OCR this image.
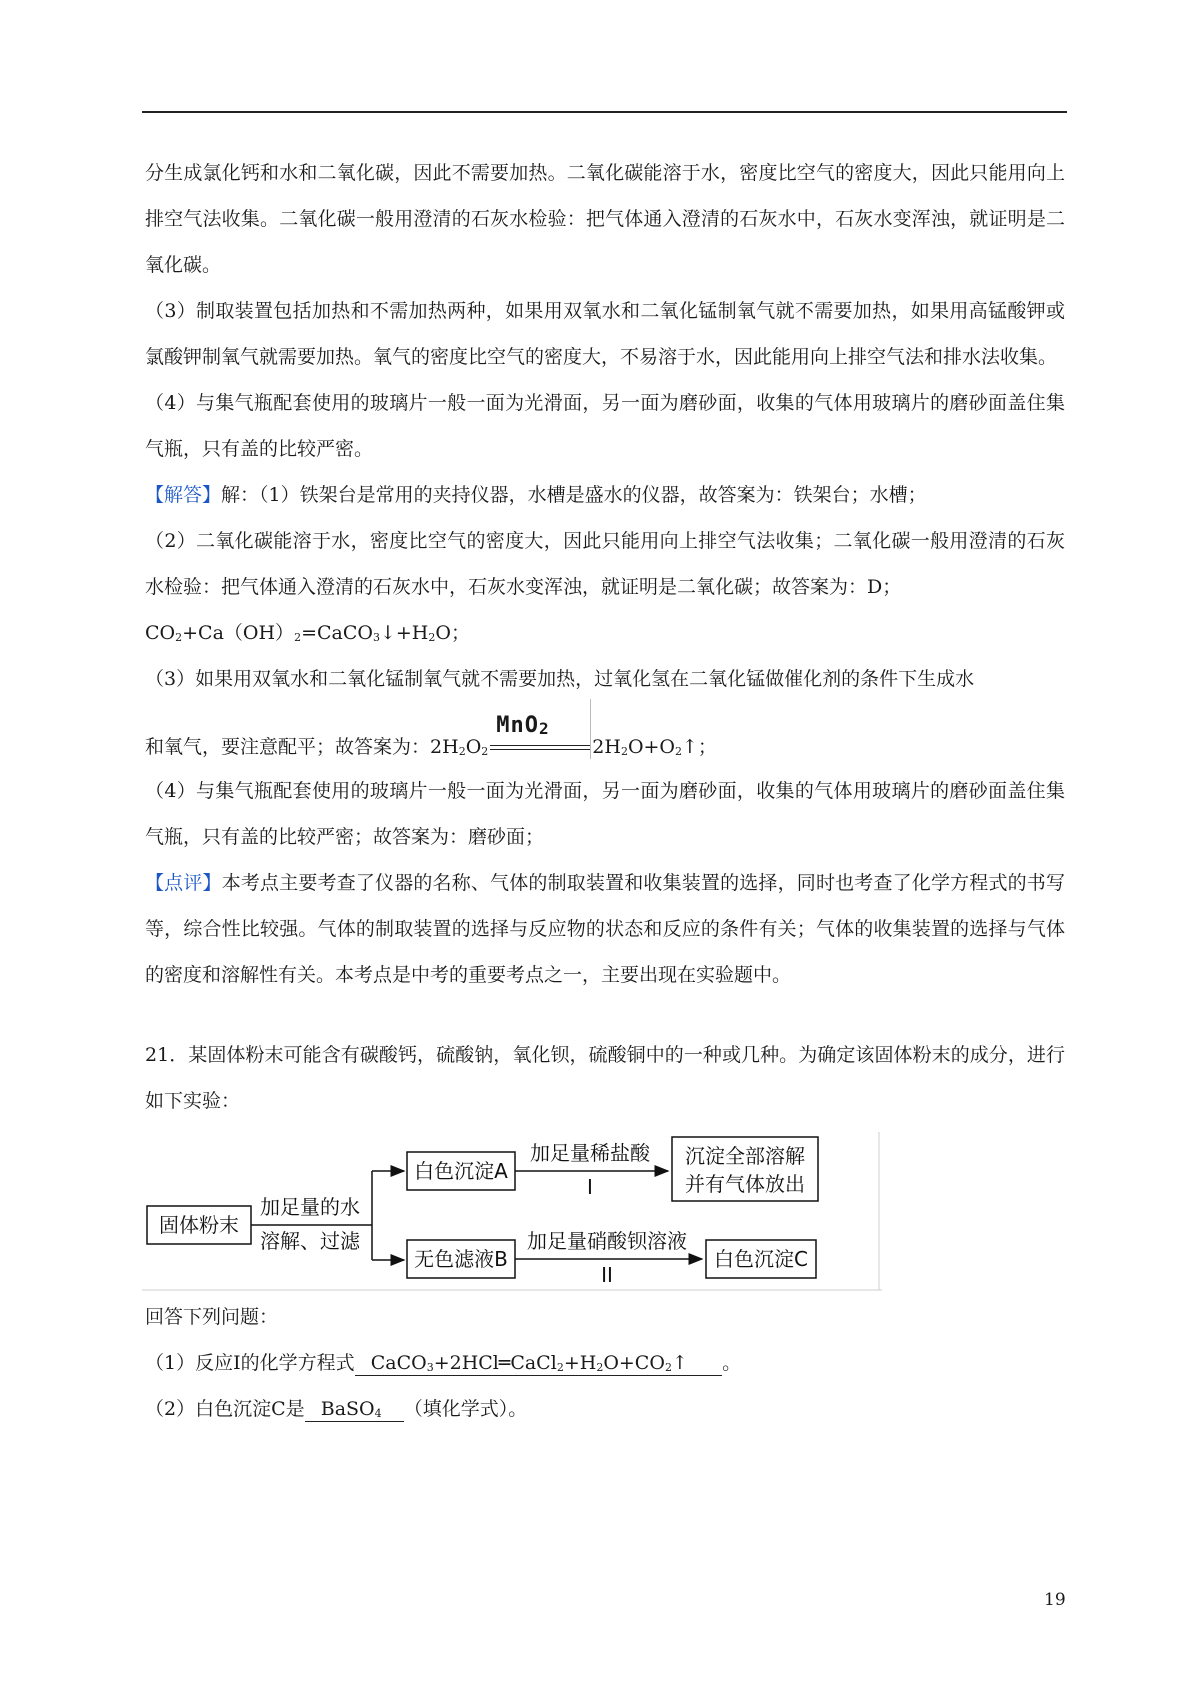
分生成氯化钙和水和二氧化碳，因此不需要加热。二氧化碳能溶于水，密度比空气的密度大，因此只能用向上排空气法收集。二氧化碳一般用澄清的石灰水检验：把气体通入澄清的石灰水中，石灰水变浑浊，就证明是二氧化碳。

（3）制取装置包括加热和不需加热两种，如果用双氧水和二氧化锰制氧气就不需要加热，如果用高锰酸钾或氯酸钾制氧气就需要加热。氧气的密度比空气的密度大，不易溶于水，因此能用向上排空气法和排水法收集。

（4）与集气瓶配套使用的玻璃片一般一面为光滑面，另一面为磨砂面，收集的气体用玻璃片的磨砂面盖住集气瓶，只有盖的比较严密。

【解答】解：（1）铁架台是常用的夹持仪器，水槽是盛水的仪器，故答案为：铁架台；水槽；

（2）二氧化碳能溶于水，密度比空气的密度大，因此只能用向上排空气法收集；二氧化碳一般用澄清的石灰水检验：把气体通入澄清的石灰水中，石灰水变浑浊，就证明是二氧化碳；故答案为：D；

$CO_2+Ca(OH)_2=CaCO_3↓+H_2O$；

（3）如果用双氧水和二氧化锰制氧气就不需要加热，过氧化氢在二氧化锰做催化剂的条件下生成水

和氧气，要注意配平；故答案为：$2H_2O_2$
MnO$_2$
$2H_2O+O_2↑$；

（4）与集气瓶配套使用的玻璃片一般一面为光滑面，另一面为磨砂面，收集的气体用玻璃片的磨砂面盖住集气瓶，只有盖的比较严密；故答案为：磨砂面；

【点评】本考点主要考查了仪器的名称、气体的制取装置和收集装置的选择，同时也考查了化学方程式的书写等，综合性比较强。气体的制取装置的选择与反应物的状态和反应的条件有关；气体的收集装置的选择与气体的密度和溶解性有关。本考点是中考的重要考点之一，主要出现在实验题中。

21．某固体粉末可能含有碳酸钙，硫酸钠，氧化钡，硫酸铜中的一种或几种。为确定该固体粉末的成分，进行如下实验：

固体粉末
加足量的水
溶解、过滤
白色沉淀A
加足量稀盐酸
I
沉淀全部溶解
并有气体放出
无色滤液B
加足量硝酸钡溶液
II
白色沉淀C

回答下列问题：

（1）反应Ⅰ的化学方程式 $CaCO_3+2HCl═CaCl_2+H_2O+CO_2↑$ 。

（2）白色沉淀C是 BaSO$_4$ （填化学式）。

19
